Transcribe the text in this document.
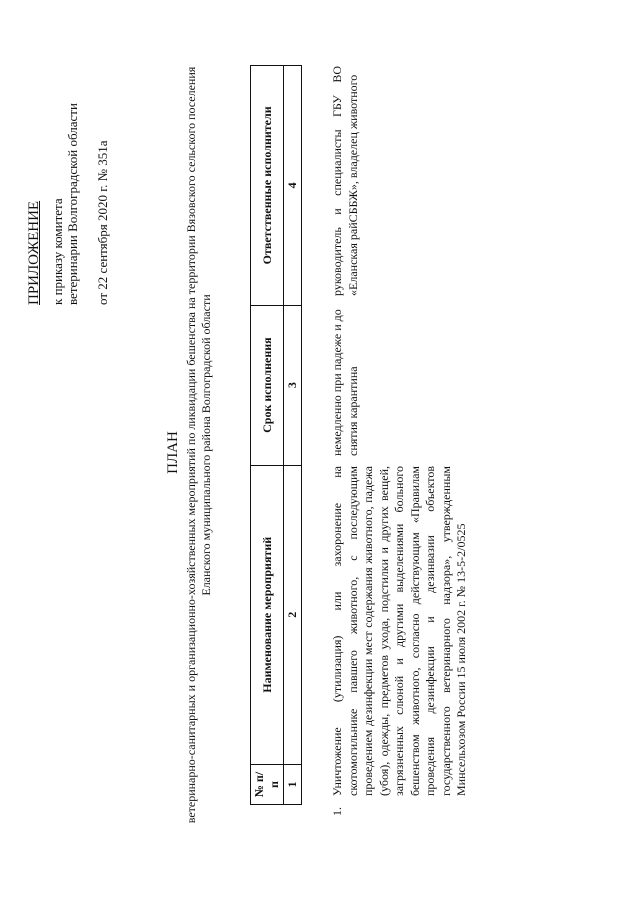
ПРИЛОЖЕНИЕ к приказу комитета ветеринарии Волгоградской области от 22 сентября 2020 г. № 351а
ПЛАН ветеринарно-санитарных и организационно-хозяйственных мероприятий по ликвидации бешенства на территории Вязовского сельского поселения Еланского муниципального района Волгоградской области
№ п/п	Наименование мероприятий	Срок исполнения	Ответственные исполнители
1	2	3	4
1.	Уничтожение (утилизация) или захоронение на скотомогильнике павшего животного, с последующим проведением дезинфекции мест содержания животного, падежа (убоя), одежды, предметов ухода, подстилки и других вещей, загрязненных слюной и другими выделениями больного бешенством животного, согласно действующим «Правилам проведения дезинфекции и дезинвазии объектов государственного ветеринарного надзора», утвержденным Минсельхозом России 15 июля 2002 г. № 13-5-2/0525	немедленно при падеже и до снятия карантина	руководитель и специалисты ГБУ ВО «Еланская райСББЖ», владелец животного
